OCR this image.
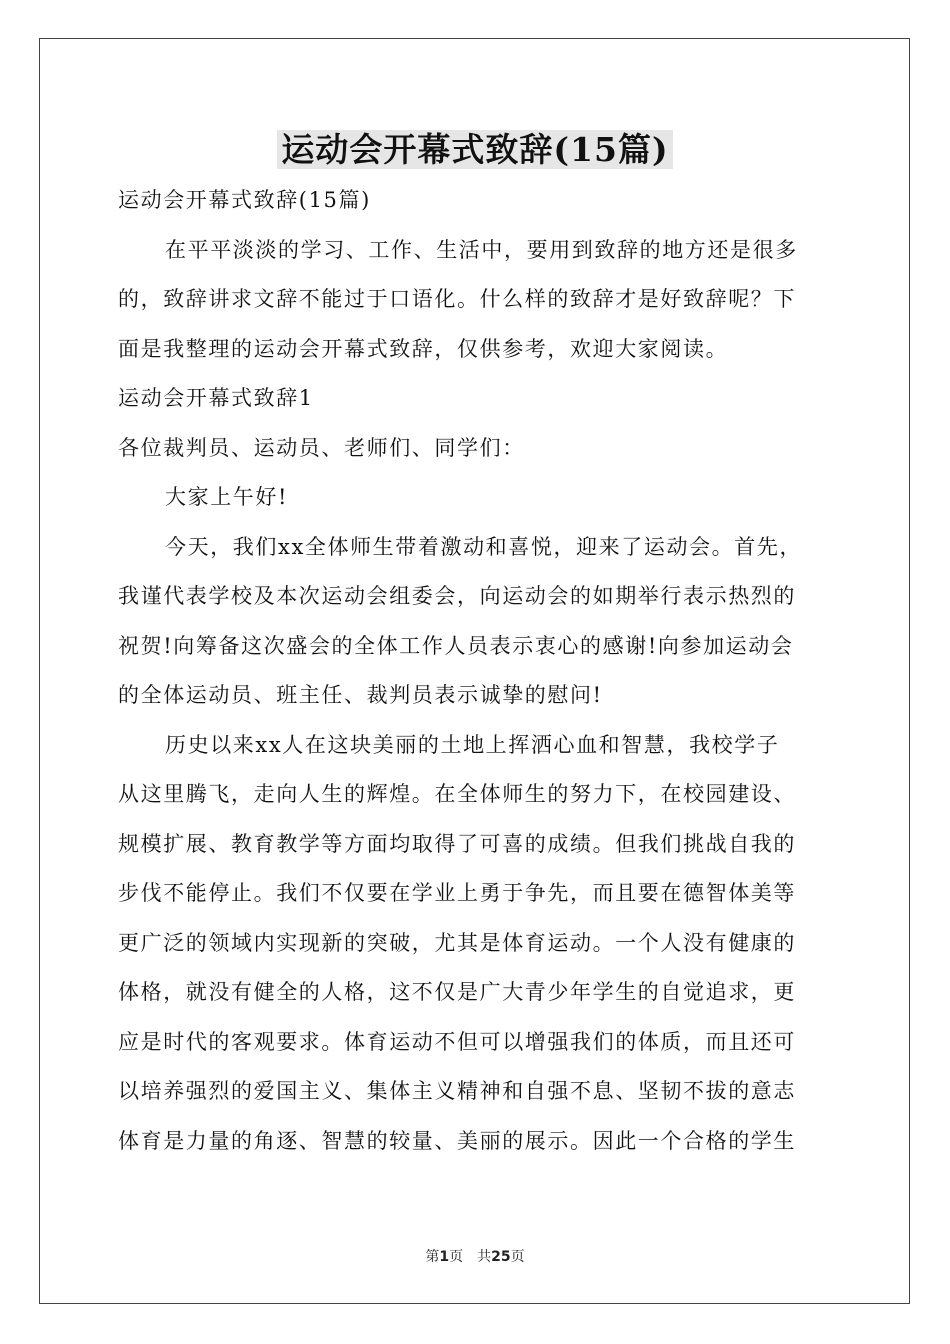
运动会开幕式致辞(15篇)
运动会开幕式致辞(15篇)
在平平淡淡的学习、工作、生活中，要用到致辞的地方还是很多
的，致辞讲求文辞不能过于口语化。什么样的致辞才是好致辞呢？下
面是我整理的运动会开幕式致辞，仅供参考，欢迎大家阅读。
运动会开幕式致辞1
各位裁判员、运动员、老师们、同学们：
大家上午好!
今天，我们xx全体师生带着激动和喜悦，迎来了运动会。首先，
我谨代表学校及本次运动会组委会，向运动会的如期举行表示热烈的
祝贺!向筹备这次盛会的全体工作人员表示衷心的感谢!向参加运动会
的全体运动员、班主任、裁判员表示诚挚的慰问!
历史以来xx人在这块美丽的土地上挥洒心血和智慧，我校学子
从这里腾飞，走向人生的辉煌。在全体师生的努力下，在校园建设、
规模扩展、教育教学等方面均取得了可喜的成绩。但我们挑战自我的
步伐不能停止。我们不仅要在学业上勇于争先，而且要在德智体美等
更广泛的领域内实现新的突破，尤其是体育运动。一个人没有健康的
体格，就没有健全的人格，这不仅是广大青少年学生的自觉追求，更
应是时代的客观要求。体育运动不但可以增强我们的体质，而且还可
以培养强烈的爱国主义、集体主义精神和自强不息、坚韧不拔的意志
体育是力量的角逐、智慧的较量、美丽的展示。因此一个合格的学生
第1页 共25页
